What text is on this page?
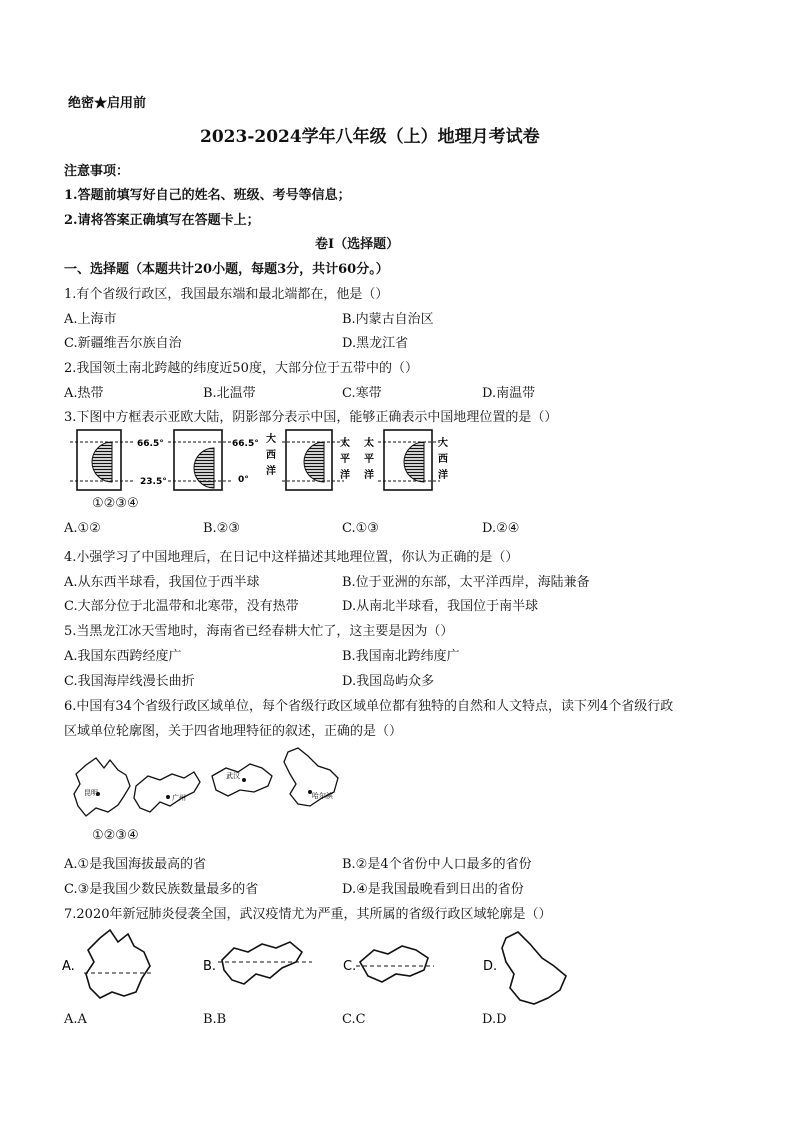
绝密★启用前
2023-2024学年八年级（上）地理月考试卷
注意事项：
1.答题前填写好自己的姓名、班级、考号等信息；
2.请将答案正确填写在答题卡上；
卷Ⅰ（选择题）
一、选择题（本题共计20小题，每题3分，共计60分。）
1.有个省级行政区，我国最东端和最北端都在，他是（）
A.上海市	B.内蒙古自治区
C.新疆维吾尔族自治	D.黑龙江省
2.我国领土南北跨越的纬度近50度，大部分位于五带中的（）
A.热带	B.北温带	C.寒带	D.南温带
3.下图中方框表示亚欧大陆，阴影部分表示中国，能够正确表示中国地理位置的是（）
66.5°
23.5°
66.5°
0°
大
西
洋
太
平
洋
太
平
洋
大
西
洋
①②③④
A.①②	B.②③	C.①③	D.②④
4.小强学习了中国地理后，在日记中这样描述其地理位置，你认为正确的是（）
A.从东西半球看，我国位于西半球	B.位于亚洲的东部，太平洋西岸，海陆兼备
C.大部分位于北温带和北寒带，没有热带	D.从南北半球看，我国位于南半球
5.当黑龙江冰天雪地时，海南省已经春耕大忙了，这主要是因为（）
A.我国东西跨经度广	B.我国南北跨纬度广
C.我国海岸线漫长曲折	D.我国岛屿众多
6.中国有34个省级行政区域单位，每个省级行政区域单位都有独特的自然和人文特点，读下列4个省级行政
区域单位轮廓图，关于四省地理特征的叙述，正确的是（）
昆明
广州
武汉
哈尔滨
①②③④
A.①是我国海拔最高的省	B.②是4个省份中人口最多的省份
C.③是我国少数民族数量最多的省	D.④是我国最晚看到日出的省份
7.2020年新冠肺炎侵袭全国，武汉疫情尤为严重，其所属的省级行政区域轮廓是（）
A.	B.	C.	D.
A.A	B.B	C.C	D.D
